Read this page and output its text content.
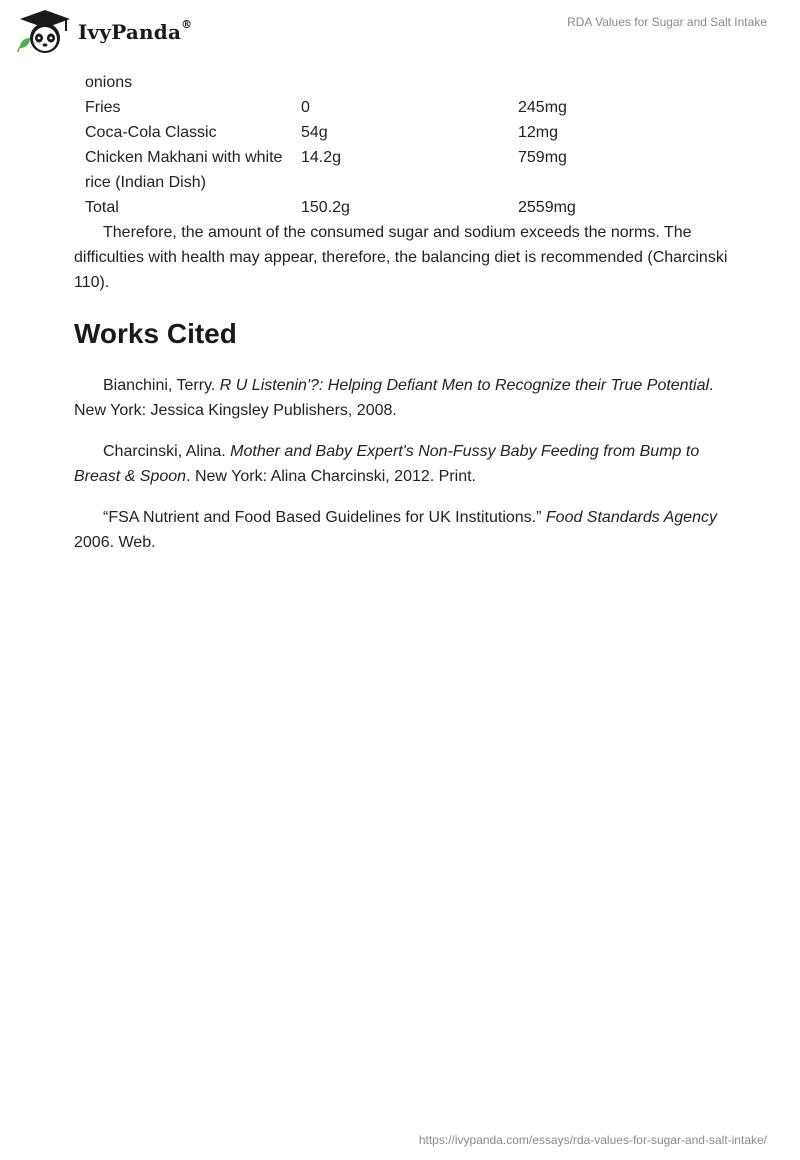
IvyPanda®	RDA Values for Sugar and Salt Intake
onions		
Fries	0	245mg
Coca-Cola Classic	54g	12mg
Chicken Makhani with white rice (Indian Dish)	14.2g	759mg
Total	150.2g	2559mg

Therefore, the amount of the consumed sugar and sodium exceeds the norms. The difficulties with health may appear, therefore, the balancing diet is recommended (Charcinski 110).

Works Cited

Bianchini, Terry. R U Listenin'?: Helping Defiant Men to Recognize their True Potential. New York: Jessica Kingsley Publishers, 2008.

Charcinski, Alina. Mother and Baby Expert's Non-Fussy Baby Feeding from Bump to Breast & Spoon. New York: Alina Charcinski, 2012. Print.

“FSA Nutrient and Food Based Guidelines for UK Institutions.” Food Standards Agency 2006. Web.

https://ivypanda.com/essays/rda-values-for-sugar-and-salt-intake/
